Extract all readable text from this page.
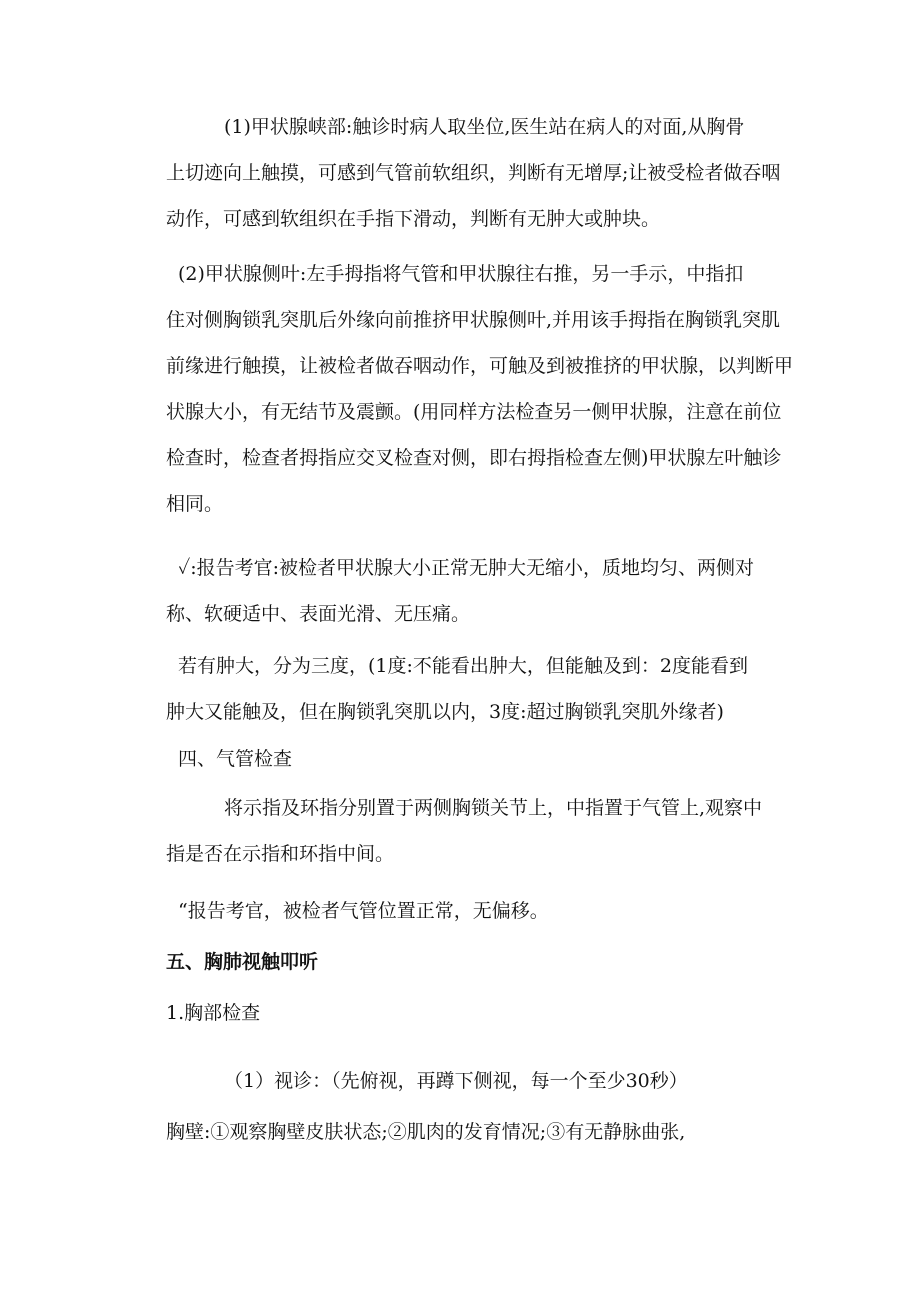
(1)甲状腺峡部:触诊时病人取坐位,医生站在病人的对面,从胸骨
上切迹向上触摸，可感到气管前软组织，判断有无增厚;让被受检者做吞咽
动作，可感到软组织在手指下滑动，判断有无肿大或肿块。
(2)甲状腺侧叶:左手拇指将气管和甲状腺往右推，另一手示，中指扣
住对侧胸锁乳突肌后外缘向前推挤甲状腺侧叶,并用该手拇指在胸锁乳突肌
前缘进行触摸，让被检者做吞咽动作，可触及到被推挤的甲状腺，以判断甲
状腺大小，有无结节及震颤。(用同样方法检查另一侧甲状腺，注意在前位
检查时，检查者拇指应交叉检查对侧，即右拇指检查左侧)甲状腺左叶触诊
相同。
✓:报告考官:被检者甲状腺大小正常无肿大无缩小，质地均匀、两侧对
称、软硬适中、表面光滑、无压痛。
若有肿大，分为三度，(1度:不能看出肿大，但能触及到：2度能看到
肿大又能触及，但在胸锁乳突肌以内，3度:超过胸锁乳突肌外缘者)
四、气管检查
将示指及环指分别置于两侧胸锁关节上，中指置于气管上,观察中
指是否在示指和环指中间。
“报告考官，被检者气管位置正常，无偏移。
五、胸肺视触叩听
1.胸部检查
（1）视诊：（先俯视，再蹲下侧视，每一个至少30秒）
胸壁:①观察胸壁皮肤状态;②肌肉的发育情况;③有无静脉曲张,
